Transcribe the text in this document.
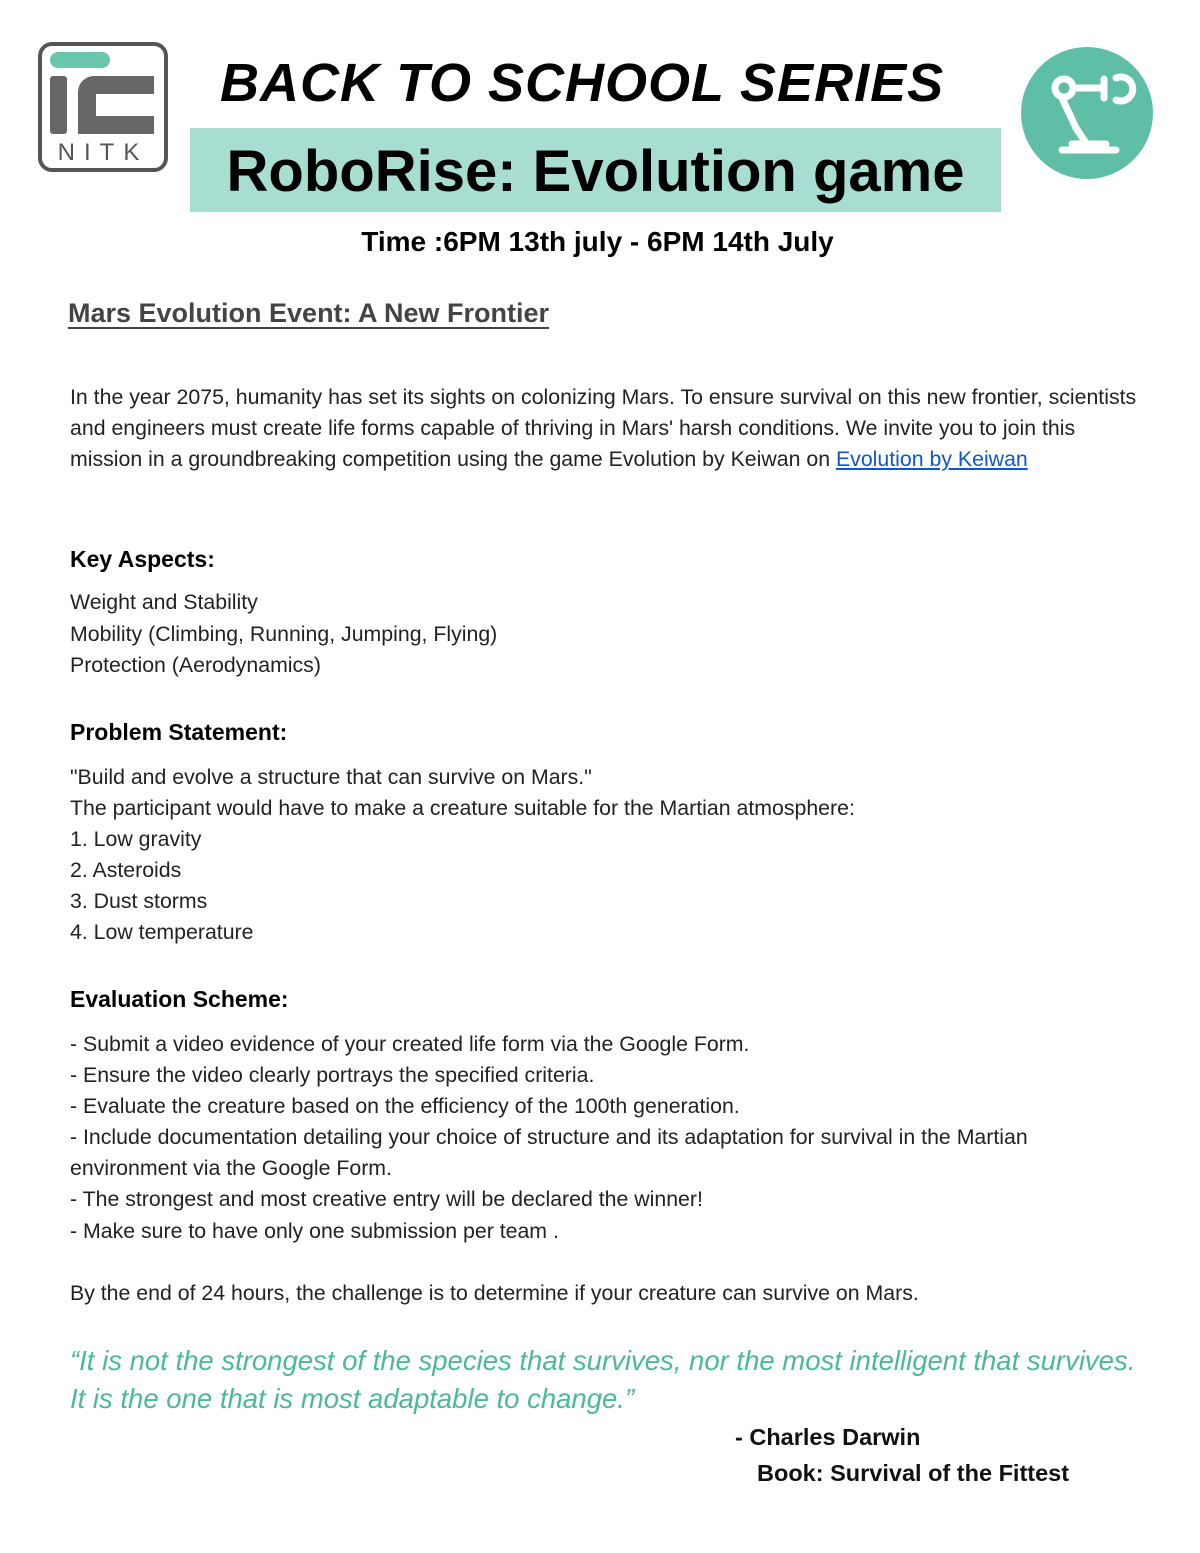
NITK
BACK TO SCHOOL SERIES
RoboRise: Evolution game
Time :6PM 13th july - 6PM 14th July
Mars Evolution Event: A New Frontier
In the year 2075, humanity has set its sights on colonizing Mars. To ensure survival on this new frontier, scientists and engineers must create life forms capable of thriving in Mars' harsh conditions. We invite you to join this mission in a groundbreaking competition using the game Evolution by Keiwan on Evolution by Keiwan
Key Aspects:
Weight and Stability
Mobility (Climbing, Running, Jumping, Flying)
Protection (Aerodynamics)
Problem Statement:
"Build and evolve a structure that can survive on Mars."
The participant would have to make a creature suitable for the Martian atmosphere:
1. Low gravity
2. Asteroids
3. Dust storms
4. Low temperature
Evaluation Scheme:
- Submit a video evidence of your created life form via the Google Form.
- Ensure the video clearly portrays the specified criteria.
- Evaluate the creature based on the efficiency of the 100th generation.
- Include documentation detailing your choice of structure and its adaptation for survival in the Martian
environment via the Google Form.
- The strongest and most creative entry will be declared the winner!
- Make sure to have only one submission per team .
By the end of 24 hours, the challenge is to determine if your creature can survive on Mars.
“It is not the strongest of the species that survives, nor the most intelligent that survives. It is the one that is most adaptable to change.”
- Charles Darwin
Book: Survival of the Fittest
